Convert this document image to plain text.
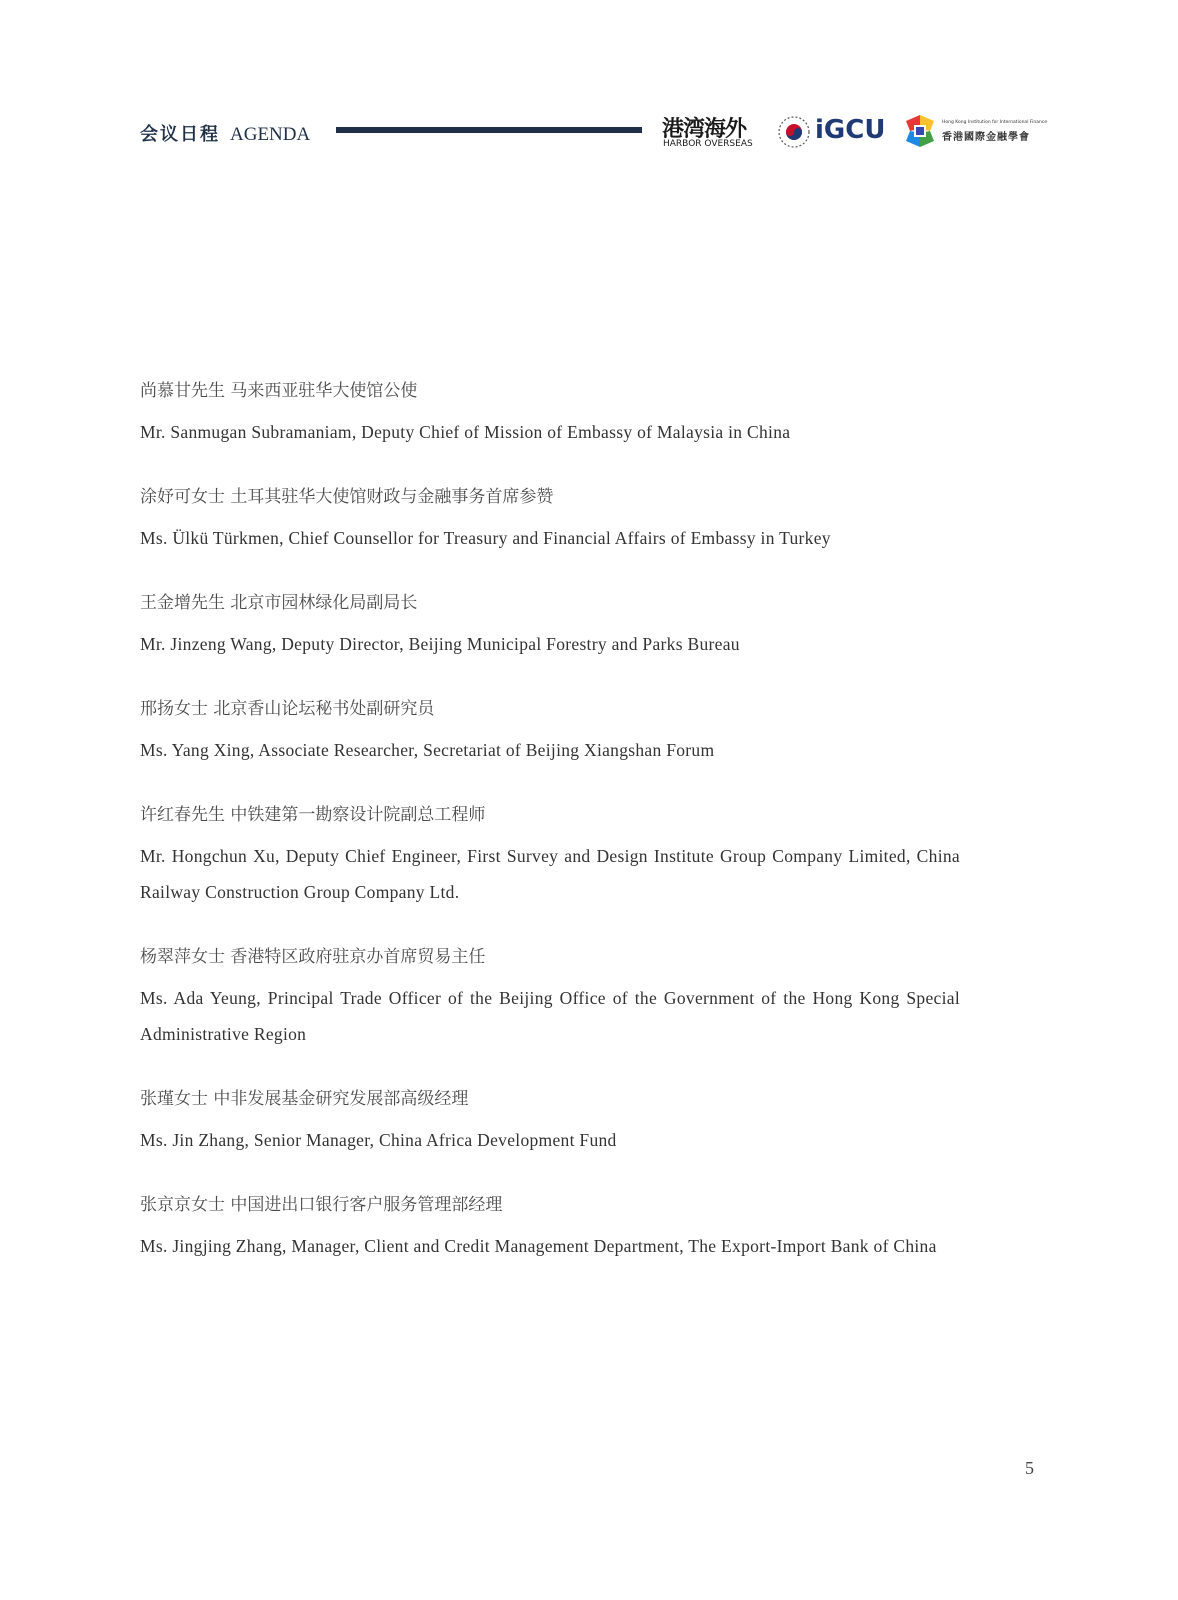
会议日程 AGENDA	港湾海外
HARBOR OVERSEAS iGCU	Hong Kong Institution for International Finance
香港國際金融學會
尚慕甘先生 马来西亚驻华大使馆公使
Mr. Sanmugan Subramaniam, Deputy Chief of Mission of Embassy of Malaysia in China
涂妤可女士 土耳其驻华大使馆财政与金融事务首席参赞
Ms. Ülkü Türkmen, Chief Counsellor for Treasury and Financial Affairs of Embassy in Turkey
王金增先生 北京市园林绿化局副局长
Mr. Jinzeng Wang, Deputy Director, Beijing Municipal Forestry and Parks Bureau
邢扬女士 北京香山论坛秘书处副研究员
Ms. Yang Xing, Associate Researcher, Secretariat of Beijing Xiangshan Forum
许红春先生 中铁建第一勘察设计院副总工程师
Mr. Hongchun Xu, Deputy Chief Engineer, First Survey and Design Institute Group Company Limited, China Railway Construction Group Company Ltd.
杨翠萍女士 香港特区政府驻京办首席贸易主任
Ms. Ada Yeung, Principal Trade Officer of the Beijing Office of the Government of the Hong Kong Special Administrative Region
张瑾女士 中非发展基金研究发展部高级经理
Ms. Jin Zhang, Senior Manager, China Africa Development Fund
张京京女士 中国进出口银行客户服务管理部经理
Ms. Jingjing Zhang, Manager, Client and Credit Management Department, The Export-Import Bank of China
5
